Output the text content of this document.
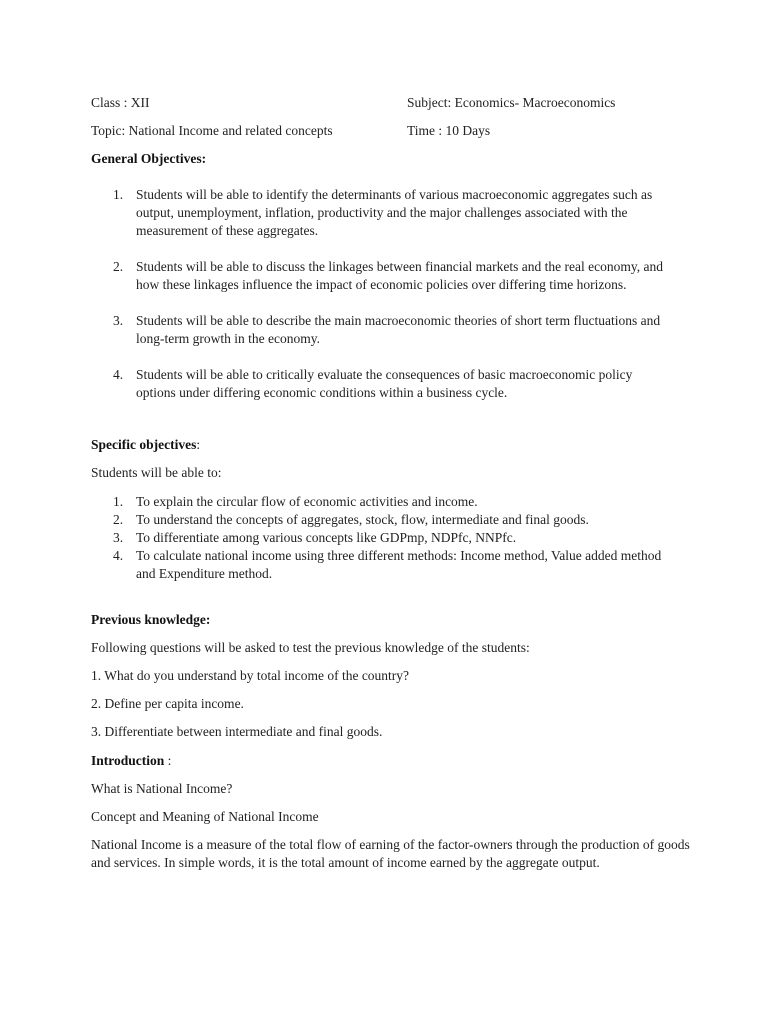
Class : XII	Subject: Economics- Macroeconomics
Topic: National Income and related concepts	Time : 10 Days
General Objectives:
1. Students will be able to identify the determinants of various macroeconomic aggregates such as output, unemployment, inflation, productivity and the major challenges associated with the measurement of these aggregates.
2. Students will be able to discuss the linkages between financial markets and the real economy, and how these linkages influence the impact of economic policies over differing time horizons.
3. Students will be able to describe the main macroeconomic theories of short term fluctuations and long-term growth in the economy.
4. Students will be able to critically evaluate the consequences of basic macroeconomic policy options under differing economic conditions within a business cycle.
Specific objectives:
Students will be able to:
1. To explain the circular flow of economic activities and income.
2. To understand the concepts of aggregates, stock, flow, intermediate and final goods.
3. To differentiate among various concepts like GDPmp, NDPfc, NNPfc.
4. To calculate national income using three different methods: Income method, Value added method and Expenditure method.
Previous knowledge:
Following questions will be asked to test the previous knowledge of the students:
1. What do you understand by total income of the country?
2. Define per capita income.
3. Differentiate between intermediate and final goods.
Introduction :
What is National Income?
Concept and Meaning of National Income
National Income is a measure of the total flow of earning of the factor-owners through the production of goods and services. In simple words, it is the total amount of income earned by the aggregate output.
